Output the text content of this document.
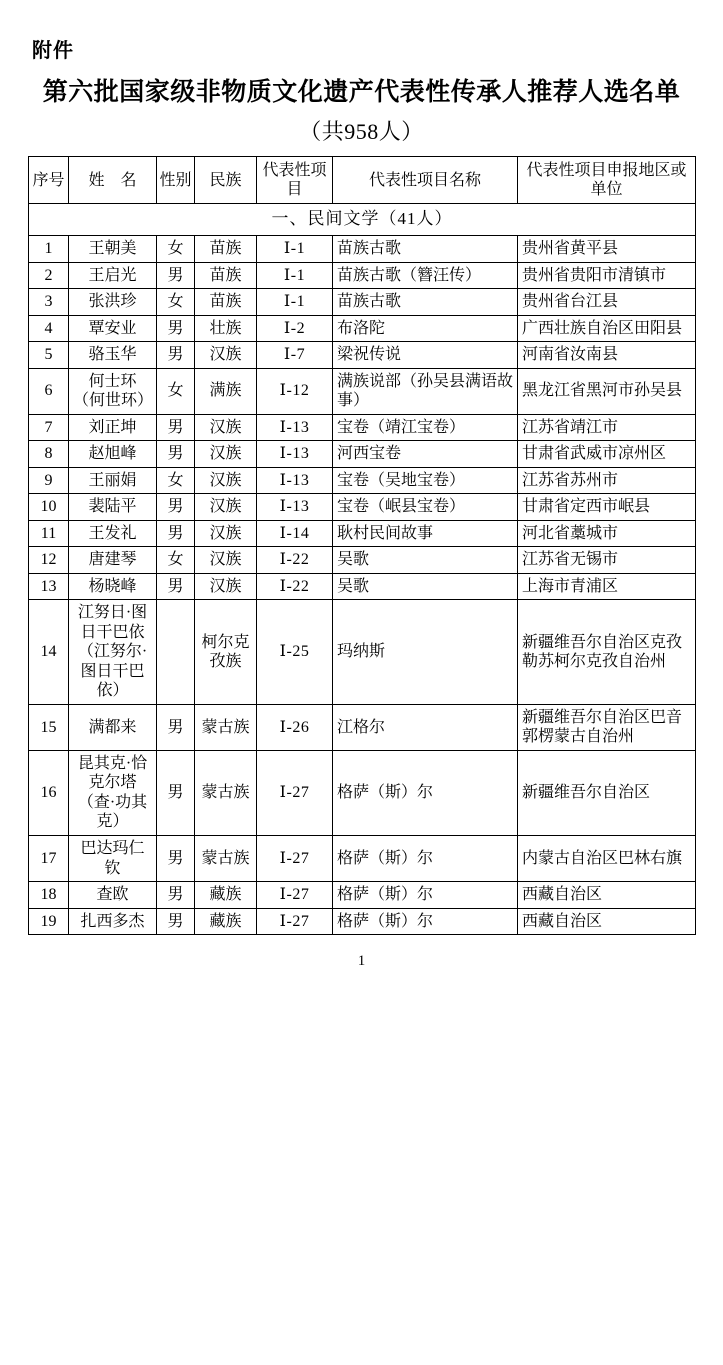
附件
第六批国家级非物质文化遗产代表性传承人推荐人选名单
（共958人）
序号	姓　名	性别	民族	代表性项目	代表性项目名称	代表性项目申报地区或单位
一、民间文学（41人）						
1	王朝美	女	苗族	Ⅰ-1	苗族古歌	贵州省黄平县
2	王启光	男	苗族	Ⅰ-1	苗族古歌（簪汪传）	贵州省贵阳市清镇市
3	张洪珍	女	苗族	Ⅰ-1	苗族古歌	贵州省台江县
4	覃安业	男	壮族	Ⅰ-2	布洛陀	广西壮族自治区田阳县
5	骆玉华	男	汉族	Ⅰ-7	梁祝传说	河南省汝南县
6	何士环（何世环）	女	满族	Ⅰ-12	满族说部（孙吴县满语故事）	黑龙江省黑河市孙吴县
7	刘正坤	男	汉族	Ⅰ-13	宝卷（靖江宝卷）	江苏省靖江市
8	赵旭峰	男	汉族	Ⅰ-13	河西宝卷	甘肃省武威市凉州区
9	王丽娟	女	汉族	Ⅰ-13	宝卷（吴地宝卷）	江苏省苏州市
10	裴陆平	男	汉族	Ⅰ-13	宝卷（岷县宝卷）	甘肃省定西市岷县
11	王发礼	男	汉族	Ⅰ-14	耿村民间故事	河北省藁城市
12	唐建琴	女	汉族	Ⅰ-22	吴歌	江苏省无锡市
13	杨晓峰	男	汉族	Ⅰ-22	吴歌	上海市青浦区
14	江努日·图日干巴依（江努尔·图日干巴依）		柯尔克孜族	Ⅰ-25	玛纳斯	新疆维吾尔自治区克孜勒苏柯尔克孜自治州
15	满都来	男	蒙古族	Ⅰ-26	江格尔	新疆维吾尔自治区巴音郭楞蒙古自治州
16	昆其克·恰克尔塔（查·功其克）	男	蒙古族	Ⅰ-27	格萨（斯）尔	新疆维吾尔自治区
17	巴达玛仁钦	男	蒙古族	Ⅰ-27	格萨（斯）尔	内蒙古自治区巴林右旗
18	查欧	男	藏族	Ⅰ-27	格萨（斯）尔	西藏自治区
19	扎西多杰	男	藏族	Ⅰ-27	格萨（斯）尔	西藏自治区
1
